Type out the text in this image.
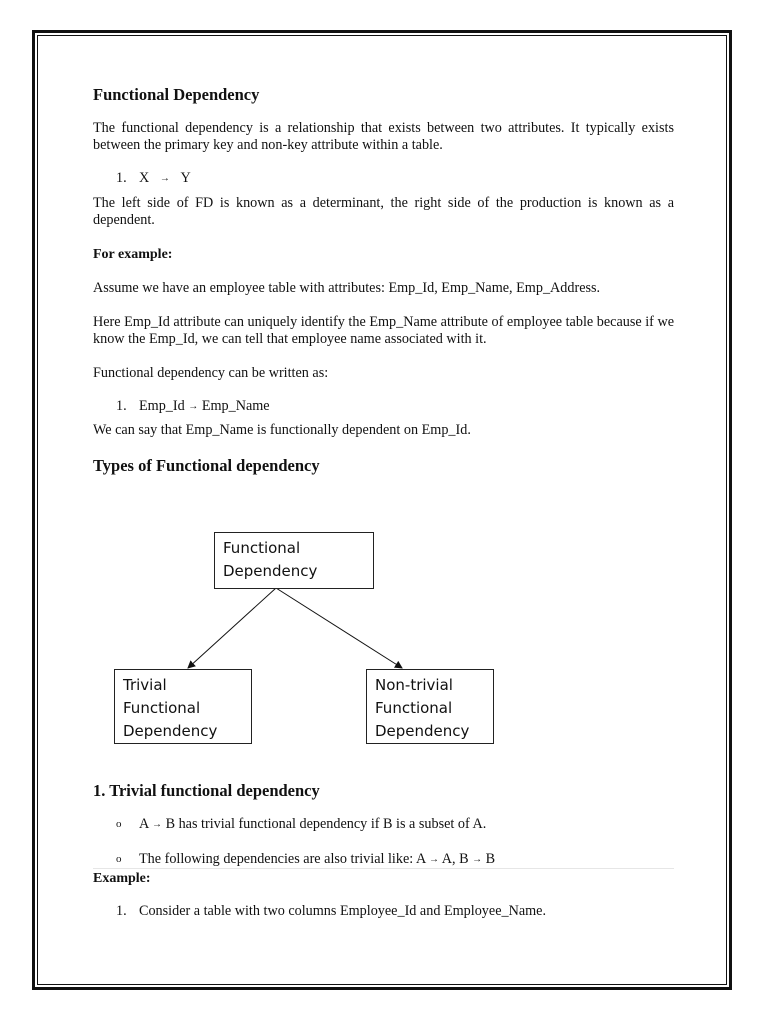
Functional Dependency

The functional dependency is a relationship that exists between two attributes. It typically exists between the primary key and non-key attribute within a table.

1. X → Y

The left side of FD is known as a determinant, the right side of the production is known as a dependent.

For example:

Assume we have an employee table with attributes: Emp_Id, Emp_Name, Emp_Address.

Here Emp_Id attribute can uniquely identify the Emp_Name attribute of employee table because if we know the Emp_Id, we can tell that employee name associated with it.

Functional dependency can be written as:

1. Emp_Id → Emp_Name

We can say that Emp_Name is functionally dependent on Emp_Id.

Types of Functional dependency
1. Trivial functional dependency
o	A → B has trivial functional dependency if B is a subset of A.
o	The following dependencies are also trivial like: A → A, B → B

Example:

1. Consider a table with two columns Employee_Id and Employee_Name.
Functional
Dependency
Trivial
Functional
Dependency
Non-trivial
Functional
Dependency
